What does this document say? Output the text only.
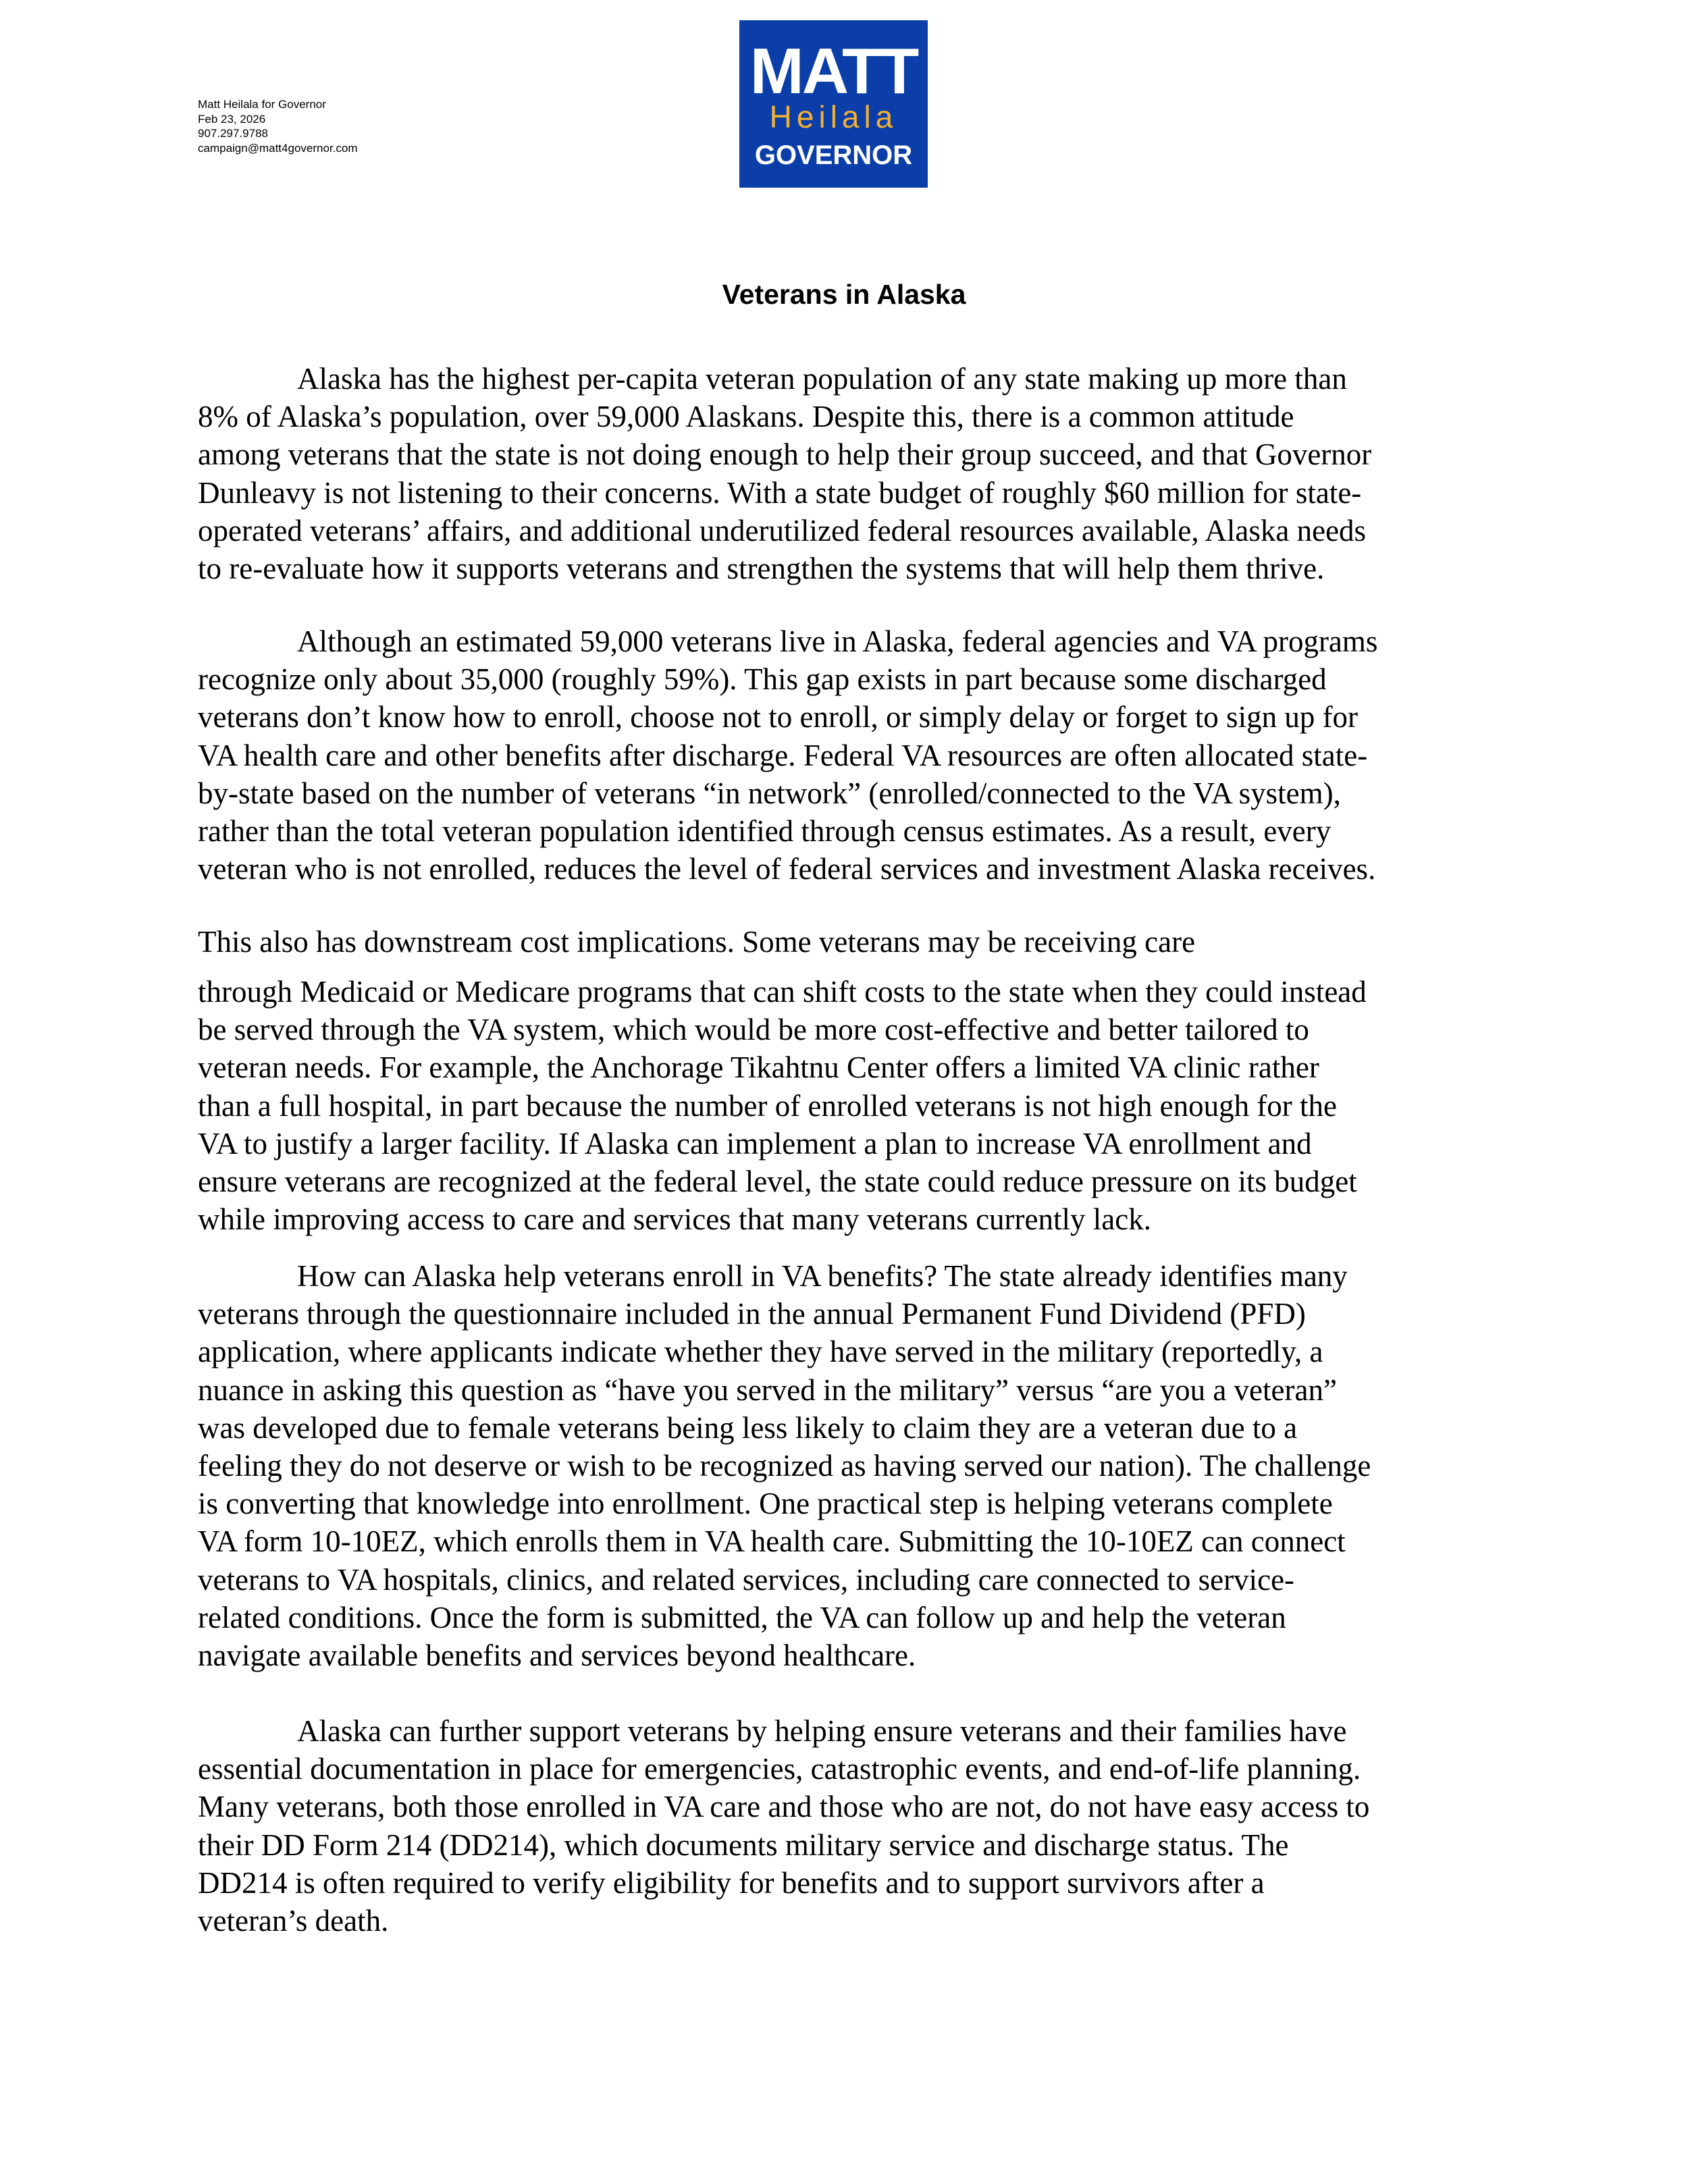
Matt Heilala for Governor
Feb 23, 2026
907.297.9788
campaign@matt4governor.com
MATT
Heilala
GOVERNOR
Veterans in Alaska

Alaska has the highest per-capita veteran population of any state making up more than
8% of Alaska’s population, over 59,000 Alaskans. Despite this, there is a common attitude
among veterans that the state is not doing enough to help their group succeed, and that Governor
Dunleavy is not listening to their concerns. With a state budget of roughly $60 million for state-
operated veterans’ affairs, and additional underutilized federal resources available, Alaska needs
to re-evaluate how it supports veterans and strengthen the systems that will help them thrive.

Although an estimated 59,000 veterans live in Alaska, federal agencies and VA programs
recognize only about 35,000 (roughly 59%). This gap exists in part because some discharged
veterans don’t know how to enroll, choose not to enroll, or simply delay or forget to sign up for
VA health care and other benefits after discharge. Federal VA resources are often allocated state-
by-state based on the number of veterans “in network” (enrolled/connected to the VA system),
rather than the total veteran population identified through census estimates. As a result, every
veteran who is not enrolled, reduces the level of federal services and investment Alaska receives.

This also has downstream cost implications. Some veterans may be receiving care

through Medicaid or Medicare programs that can shift costs to the state when they could instead
be served through the VA system, which would be more cost-effective and better tailored to
veteran needs. For example, the Anchorage Tikahtnu Center offers a limited VA clinic rather
than a full hospital, in part because the number of enrolled veterans is not high enough for the
VA to justify a larger facility. If Alaska can implement a plan to increase VA enrollment and
ensure veterans are recognized at the federal level, the state could reduce pressure on its budget
while improving access to care and services that many veterans currently lack.

How can Alaska help veterans enroll in VA benefits? The state already identifies many
veterans through the questionnaire included in the annual Permanent Fund Dividend (PFD)
application, where applicants indicate whether they have served in the military (reportedly, a
nuance in asking this question as “have you served in the military” versus “are you a veteran”
was developed due to female veterans being less likely to claim they are a veteran due to a
feeling they do not deserve or wish to be recognized as having served our nation). The challenge
is converting that knowledge into enrollment. One practical step is helping veterans complete
VA form 10-10EZ, which enrolls them in VA health care. Submitting the 10-10EZ can connect
veterans to VA hospitals, clinics, and related services, including care connected to service-
related conditions. Once the form is submitted, the VA can follow up and help the veteran
navigate available benefits and services beyond healthcare.

Alaska can further support veterans by helping ensure veterans and their families have
essential documentation in place for emergencies, catastrophic events, and end-of-life planning.
Many veterans, both those enrolled in VA care and those who are not, do not have easy access to
their DD Form 214 (DD214), which documents military service and discharge status. The
DD214 is often required to verify eligibility for benefits and to support survivors after a
veteran’s death.
